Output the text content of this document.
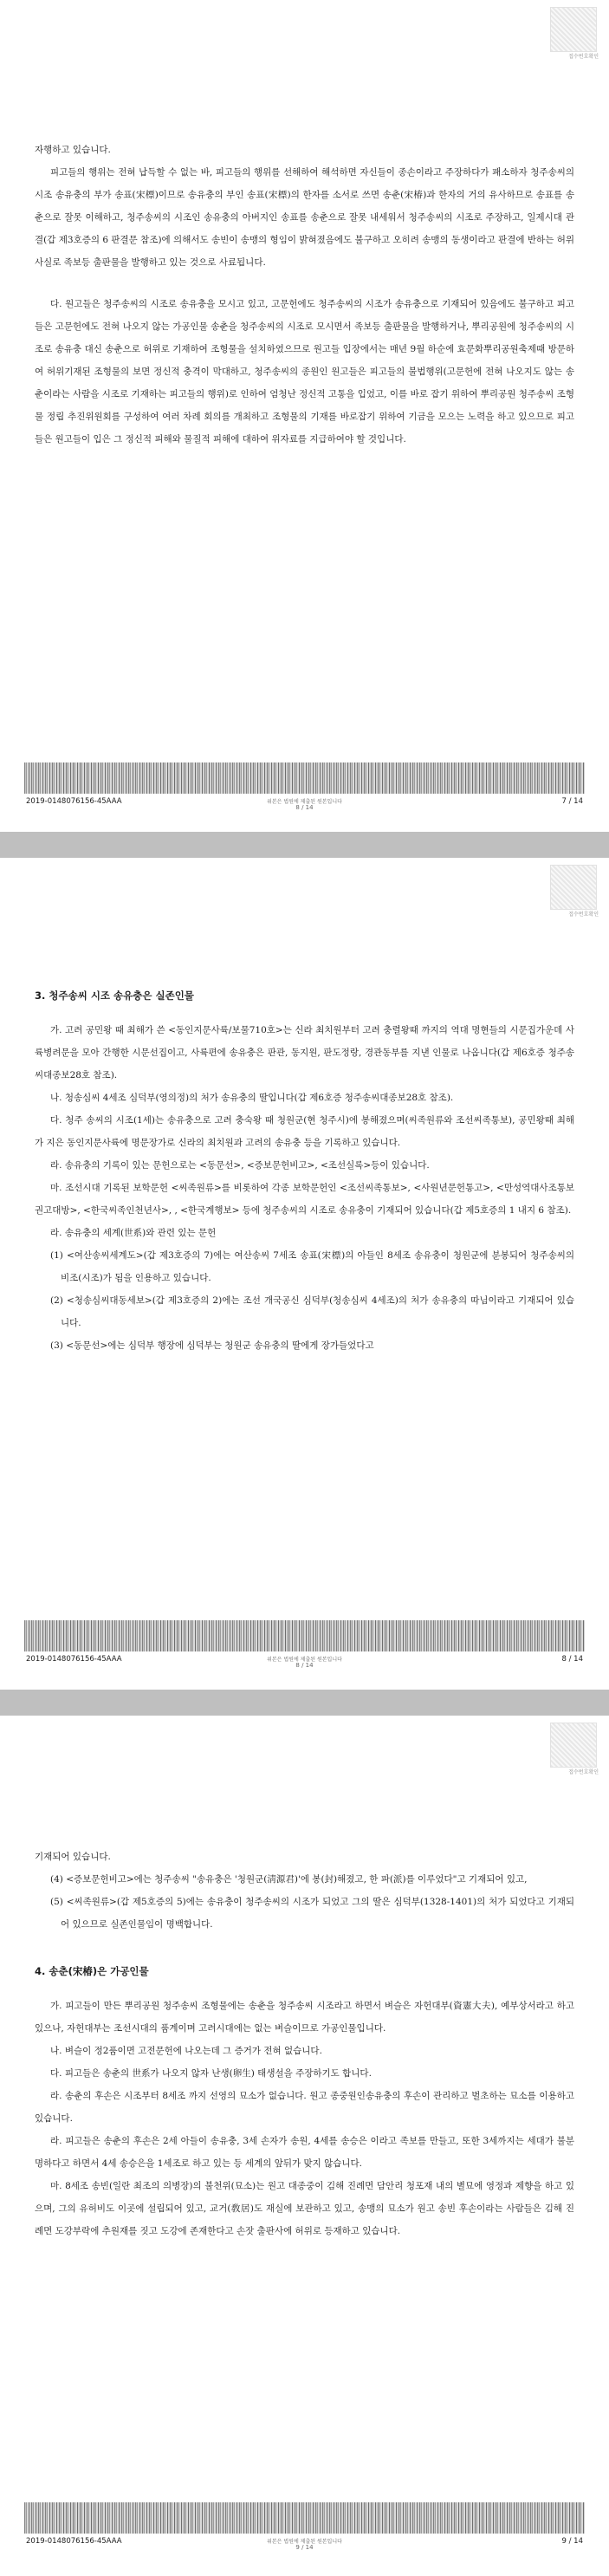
접수번호확인

자행하고 있습니다.

피고들의 행위는 전혀 납득할 수 없는 바, 피고들의 행위를 선해하여 해석하면 자신들이 종손이라고 주장하다가 패소하자 청주송씨의 시조 송유충의 부가 송표(宋標)이므로 송유충의 부인 송표(宋標)의 한자를 소서로 쓰면 송춘(宋椿)과 한자의 거의 유사하므로 송표를 송춘으로 잘못 이해하고, 청주송씨의 시조인 송유충의 아버지인 송표를 송춘으로 잘못 내세워서 청주송씨의 시조로 주장하고, 일제시대 관결(갑 제3호증의 6 판결문 참조)에 의해서도 송빈이 송맹의 형임이 밝혀졌음에도 불구하고 오히려 송맹의 동생이라고 판결에 반하는 허위사실로 족보등 출판물을 발행하고 있는 것으로 사료됩니다.

다. 원고들은 청주송씨의 시조로 송유충을 모시고 있고, 고문헌에도 청주송씨의 시조가 송유충으로 기재되어 있음에도 불구하고 피고들은 고문헌에도 전혀 나오지 않는 가공인물 송춘을 청주송씨의 시조로 모시면서 족보등 출판물을 발행하거나, 뿌리공원에 청주송씨의 시조로 송유충 대신 송춘으로 허위로 기재하여 조형물을 설치하였으므로 원고들 입장에서는 매년 9월 하순에 효문화뿌리공원축제때 방문하여 허위기재된 조형물의 보면 정신적 충격이 막대하고, 청주송씨의 종원인 원고들은 피고들의 불법행위(고문헌에 전혀 나오지도 않는 송춘이라는 사람을 시조로 기재하는 피고들의 행위)로 인하여 엄청난 정신적 고통을 입었고, 이를 바로 잡기 위하여 뿌리공원 청주송씨 조형물 정립 추진위원회를 구성하여 여러 차례 회의를 개최하고 조형물의 기재를 바로잡기 위하여 기금을 모으는 노력을 하고 있으므로 피고들은 원고들이 입은 그 정신적 피해와 물질적 피해에 대하여 위자료를 지급하여야 할 것입니다.

2019-0148076156-45AAA	위본은 법원에 제출된 원본입니다
8 / 14
7 / 14
접수번호확인
3. 청주송씨 시조 송유충은 실존인물

가. 고려 공민왕 때 최해가 쓴 <동인지문사륙/보물710호>는 신라 최치원부터 고려 충렬왕때 까지의 역대 명현들의 시문집가운데 사륙병려문을 모아 간행한 시문선집이고, 사륙편에 송유충은 판관, 동지원, 판도정랑, 경관동부를 지낸 인물로 나옵니다(갑 제6호증 청주송씨대종보28호 참조).

나. 청송심씨 4세조 심덕부(영의정)의 처가 송유충의 딸입니다(갑 제6호증 청주송씨대종보28호 참조).

다. 청주 송씨의 시조(1세)는 송유충으로 고려 충숙왕 때 청원군(현 청주시)에 봉해졌으며(씨족원류와 조선씨족통보), 공민왕때 최해가 지은 동인지문사륙에 명문장가로 신라의 최치원과 고려의 송유충 등을 기록하고 있습니다.

라. 송유충의 기록이 있는 문헌으로는 <동문선>, <증보문헌비고>, <조선실록>등이 있습니다.

마. 조선시대 기록된 보학문헌 <씨족원류>를 비롯하여 각종 보학문헌인 <조선씨족통보>, <사원년문헌통고>, <만성역대사조통보 권고대방>, <한국씨족인천년사>, , <한국계행보> 등에 청주송씨의 시조로 송유충이 기재되어 있습니다(갑 제5호증의 1 내지 6 참조).

라. 송유충의 세계(世系)와 관련 있는 문헌

(1) <여산송씨세계도>(갑 제3호증의 7)에는 여산송씨 7세조 송표(宋標)의 아들인 8세조 송유충이 청원군에 분봉되어 청주송씨의 비조(시조)가 됨을 인용하고 있습니다.

(2) <청송심씨대동세보>(갑 제3호증의 2)에는 조선 개국공신 심덕부(청송심씨 4세조)의 처가 송유충의 따님이라고 기재되어 있습니다.

(3) <동문선>에는 심덕부 행장에 심덕부는 청원군 송유충의 딸에게 장가들었다고

2019-0148076156-45AAA	위본은 법원에 제출된 원본입니다
8 / 14
8 / 14
접수번호확인

기재되어 있습니다.

(4) <증보문헌비고>에는 청주송씨 "송유충은 '청원군(淸源君)'에 봉(封)해졌고, 한 파(派)를 이루었다"고 기재되어 있고,

(5) <씨족원류>(갑 제5호증의 5)에는 송유충이 청주송씨의 시조가 되었고 그의 딸은 심덕부(1328-1401)의 처가 되었다고 기재되어 있으므로 실존인물임이 명백합니다.

4. 송춘(宋椿)은 가공인물

가. 피고들이 만든 뿌리공원 청주송씨 조형물에는 송춘을 청주송씨 시조라고 하면서 벼슬은 자헌대부(資憲大夫), 예부상서라고 하고 있으나, 자헌대부는 조선시대의 품계이며 고려시대에는 없는 벼슬이므로 가공인물입니다.

나. 벼슬이 정2품이면 고전문헌에 나오는데 그 증거가 전혀 없습니다.

다. 피고들은 송춘의 世系가 나오지 않자 난생(卵生) 태생설을 주장하기도 합니다.

라. 송춘의 후손은 시조부터 8세조 까지 선영의 묘소가 없습니다. 원고 종중원인송유충의 후손이 관리하고 벌초하는 묘소를 이용하고 있습니다.

라. 피고들은 송춘의 후손은 2세 아들이 송유충, 3세 손자가 송원, 4세를 송승은 이라고 족보를 만들고, 또한 3세까지는 세대가 불분명하다고 하면서 4세 송승은을 1세조로 하고 있는 등 세계의 앞뒤가 맞지 않습니다.

마. 8세조 송빈(일란 최조의 의병장)의 불천위(묘소)는 원고 대종중이 김해 진례면 담안리 청포재 내의 별묘에 영정과 제향을 하고 있으며, 그의 유허비도 이곳에 설립되어 있고, 교거(敎居)도 재실에 보관하고 있고, 송맹의 묘소가 원고 송빈 후손이라는 사람들은 김해 진례면 도강부락에 추원재를 짓고 도강에 존재한다고 손잣 출판사에 허위로 등재하고 있습니다.

2019-0148076156-45AAA	위본은 법원에 제출된 원본입니다
9 / 14
9 / 14
